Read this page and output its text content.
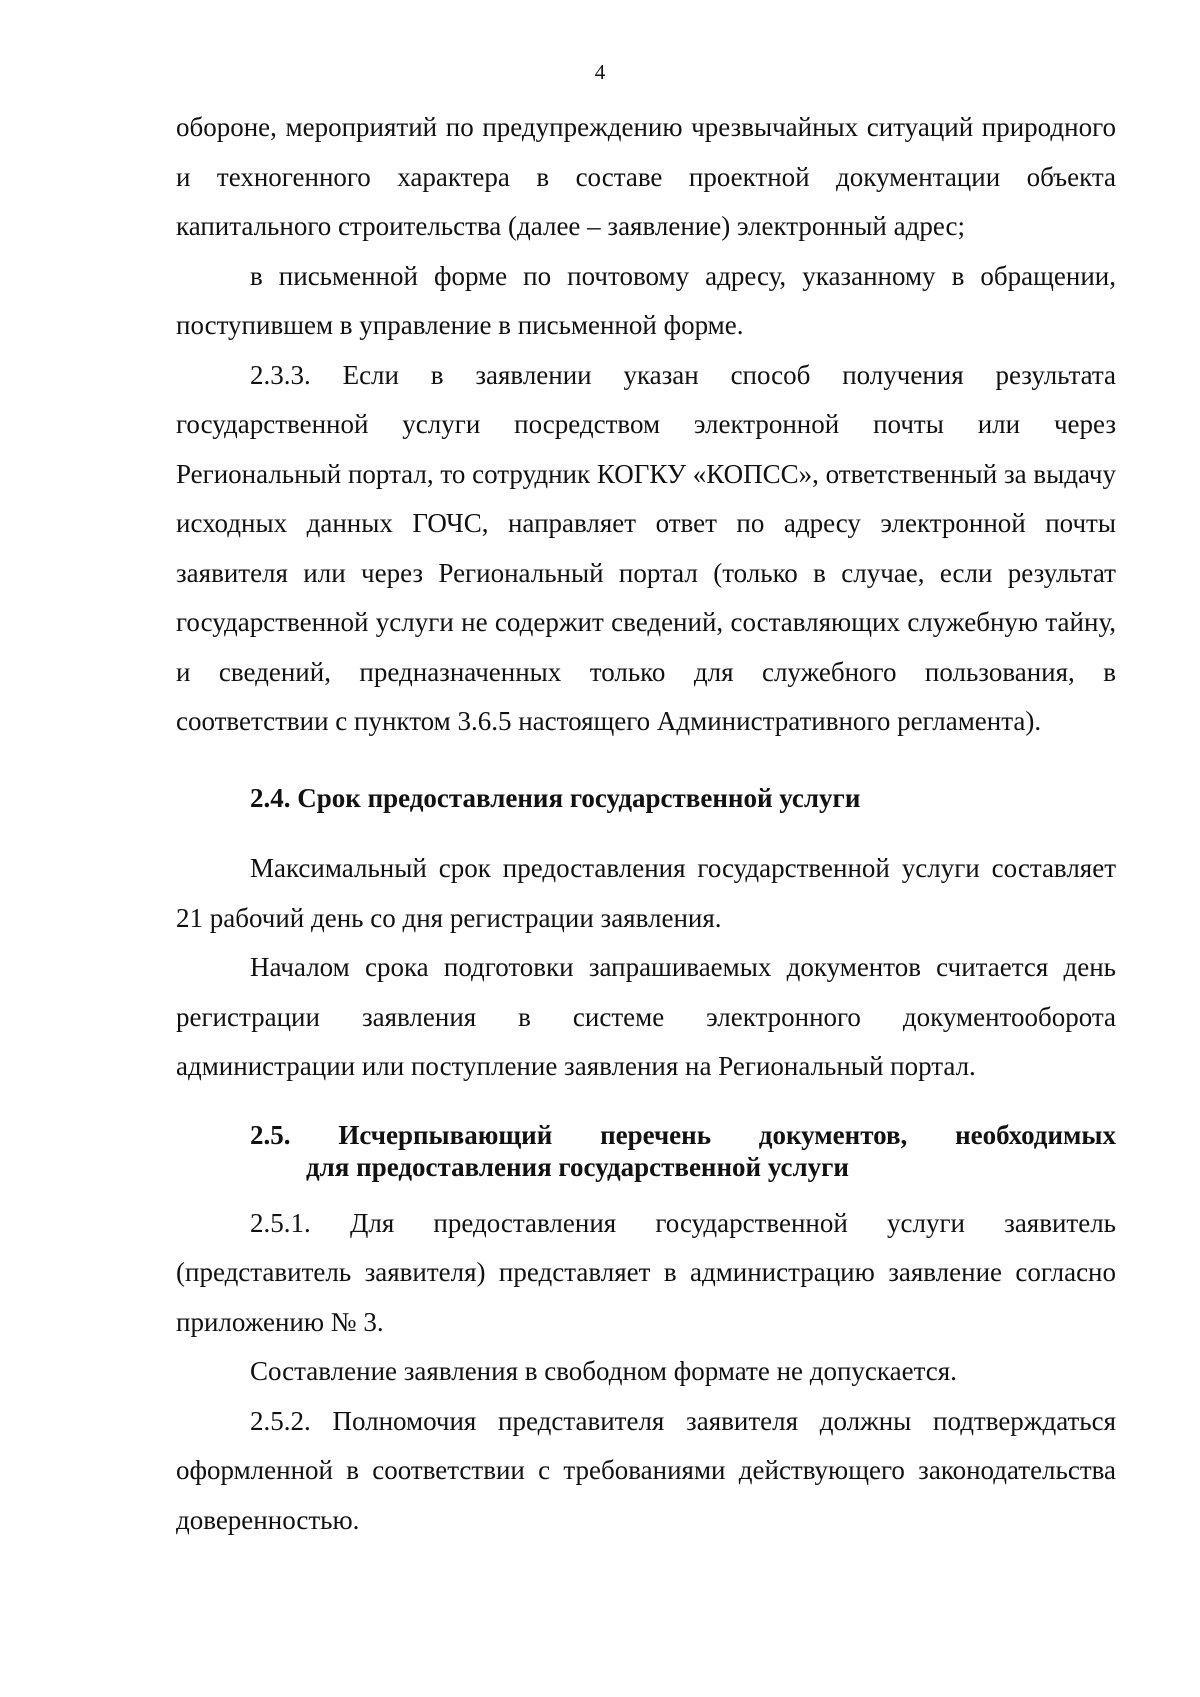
4

обороне, мероприятий по предупреждению чрезвычайных ситуаций природного и техногенного характера в составе проектной документации объекта капитального строительства (далее – заявление) электронный адрес;

в письменной форме по почтовому адресу, указанному в обращении, поступившем в управление в письменной форме.

2.3.3. Если в заявлении указан способ получения результата государственной услуги посредством электронной почты или через Региональный портал, то сотрудник КОГКУ «КОПСС», ответственный за выдачу исходных данных ГОЧС, направляет ответ по адресу электронной почты заявителя или через Региональный портал (только в случае, если результат государственной услуги не содержит сведений, составляющих служебную тайну, и сведений, предназначенных только для служебного пользования, в соответствии с пунктом 3.6.5 настоящего Административного регламента).

2.4. Срок предоставления государственной услуги

Максимальный срок предоставления государственной услуги составляет 21 рабочий день со дня регистрации заявления.

Началом срока подготовки запрашиваемых документов считается день регистрации заявления в системе электронного документооборота администрации или поступление заявления на Региональный портал.

2.5. Исчерпывающий перечень документов, необходимых
для предоставления государственной услуги

2.5.1. Для предоставления государственной услуги заявитель (представитель заявителя) представляет в администрацию заявление согласно приложению № 3.

Составление заявления в свободном формате не допускается.

2.5.2. Полномочия представителя заявителя должны подтверждаться оформленной в соответствии с требованиями действующего законодательства доверенностью.
